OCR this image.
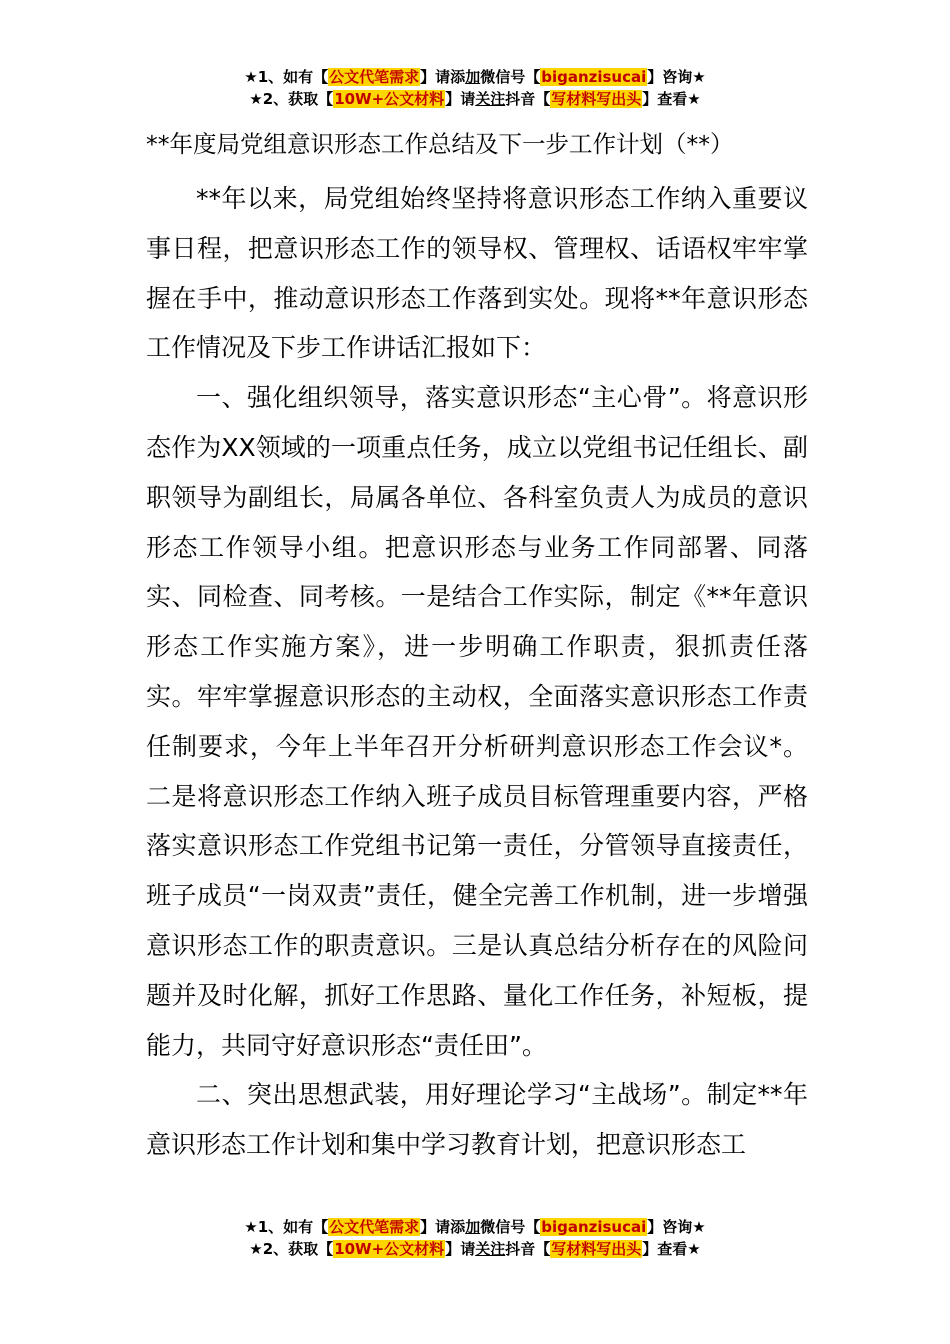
★1、如有【公文代笔需求】请添加微信号【biganzisucai】咨询★
★2、获取【10W+公文材料】请关注抖音【写材料写出头】查看★

**年度局党组意识形态工作总结及下一步工作计划（**）

**年以来，局党组始终坚持将意识形态工作纳入重要议事日程，把意识形态工作的领导权、管理权、话语权牢牢掌握在手中，推动意识形态工作落到实处。现将**年意识形态工作情况及下步工作讲话汇报如下：

一、强化组织领导，落实意识形态“主心骨”。将意识形态作为XX领域的一项重点任务，成立以党组书记任组长、副职领导为副组长，局属各单位、各科室负责人为成员的意识形态工作领导小组。把意识形态与业务工作同部署、同落实、同检查、同考核。一是结合工作实际，制定《**年意识形态工作实施方案》，进一步明确工作职责，狠抓责任落实。牢牢掌握意识形态的主动权，全面落实意识形态工作责任制要求，今年上半年召开分析研判意识形态工作会议*。二是将意识形态工作纳入班子成员目标管理重要内容，严格落实意识形态工作党组书记第一责任，分管领导直接责任，班子成员“一岗双责”责任，健全完善工作机制，进一步增强意识形态工作的职责意识。三是认真总结分析存在的风险问题并及时化解，抓好工作思路、量化工作任务，补短板，提能力，共同守好意识形态“责任田”。

二、突出思想武装，用好理论学习“主战场”。制定**年意识形态工作计划和集中学习教育计划，把意识形态工

★1、如有【公文代笔需求】请添加微信号【biganzisucai】咨询★
★2、获取【10W+公文材料】请关注抖音【写材料写出头】查看★
